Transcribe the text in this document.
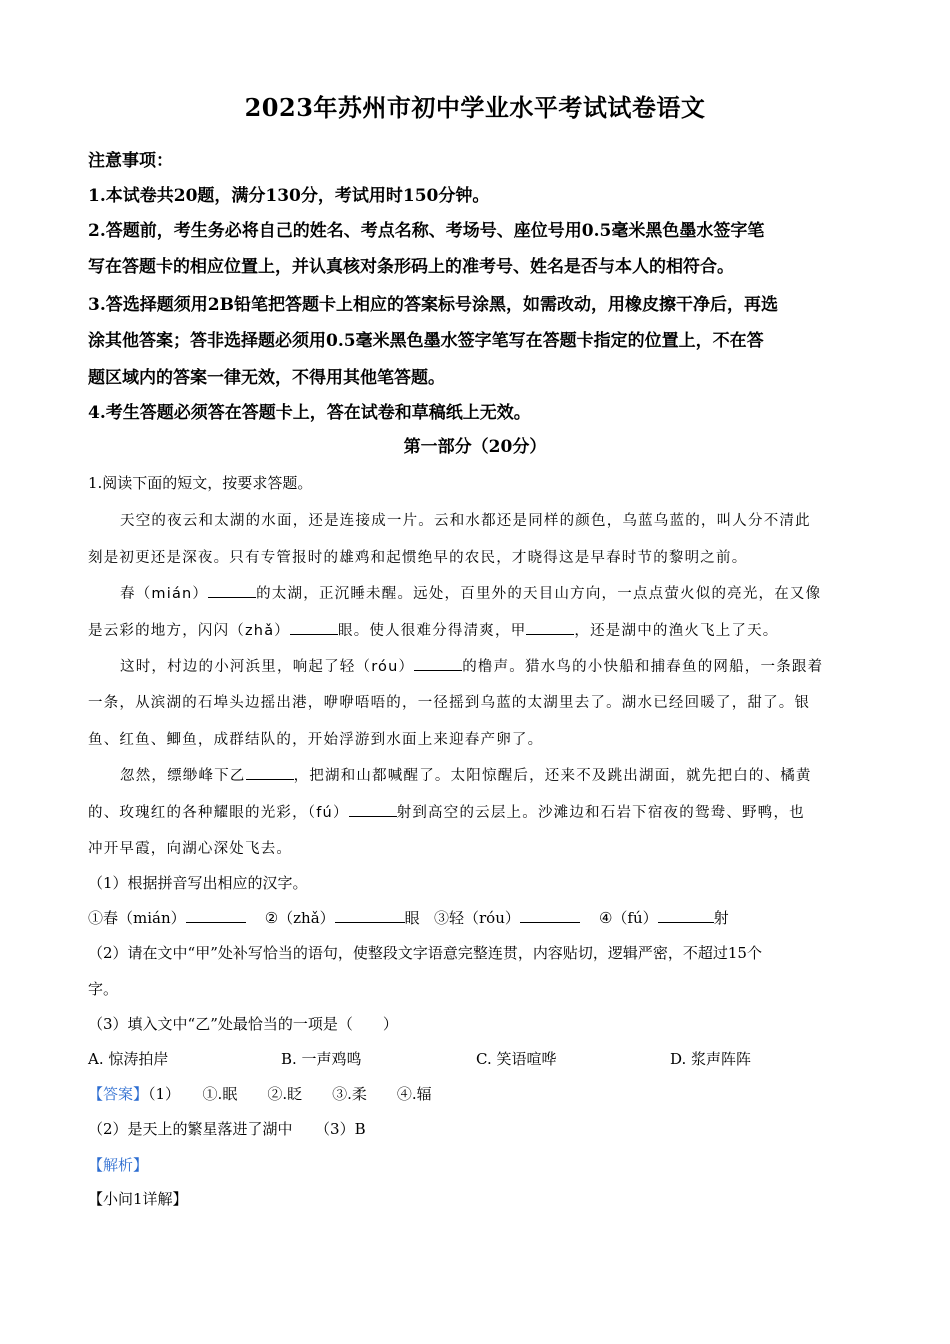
2023年苏州市初中学业水平考试试卷语文
注意事项：
1.本试卷共20题，满分130分，考试用时150分钟。
2.答题前，考生务必将自己的姓名、考点名称、考场号、座位号用0.5毫米黑色墨水签字笔
写在答题卡的相应位置上，并认真核对条形码上的准考号、姓名是否与本人的相符合。
3.答选择题须用2B铅笔把答题卡上相应的答案标号涂黑，如需改动，用橡皮擦干净后，再选
涂其他答案；答非选择题必须用0.5毫米黑色墨水签字笔写在答题卡指定的位置上，不在答
题区域内的答案一律无效，不得用其他笔答题。
4.考生答题必须答在答题卡上，答在试卷和草稿纸上无效。
第一部分（20分）
1.阅读下面的短文，按要求答题。
天空的夜云和太湖的水面，还是连接成一片。云和水都还是同样的颜色，乌蓝乌蓝的，叫人分不清此
刻是初更还是深夜。只有专管报时的雄鸡和起惯绝早的农民，才晓得这是早春时节的黎明之前。
春（mián）	的太湖，正沉睡未醒。远处，百里外的天目山方向，一点点萤火似的亮光，在又像
是云彩的地方，闪闪（zhǎ）	眼。使人很难分得清爽，甲	，还是湖中的渔火飞上了天。
这时，村边的小河浜里，响起了轻（róu）	的橹声。猎水鸟的小快船和捕春鱼的网船，一条跟着
一条，从滨湖的石埠头边摇出港，咿咿唔唔的，一径摇到乌蓝的太湖里去了。湖水已经回暖了，甜了。银
鱼、红鱼、鲫鱼，成群结队的，开始浮游到水面上来迎春产卵了。
忽然，缥缈峰下乙	，把湖和山都喊醒了。太阳惊醒后，还来不及跳出湖面，就先把白的、橘黄
的、玫瑰红的各种耀眼的光彩，（fú）	射到高空的云层上。沙滩边和石岩下宿夜的鸳鸯、野鸭，也
冲开早霞，向湖心深处飞去。
（1）根据拼音写出相应的汉字。
①春（mián）	②（zhǎ）	眼 ③轻（róu）	④（fú）	射
（2）请在文中“甲”处补写恰当的语句，使整段文字语意完整连贯，内容贴切，逻辑严密，不超过15个
字。
（3）填入文中“乙”处最恰当的一项是（　　）
A. 惊涛拍岸	B. 一声鸡鸣	C. 笑语喧哗	D. 浆声阵阵
【答案】（1）　　①.眠　　②.眨　　③.柔　　④.辐
（2）是天上的繁星落进了湖中　　（3）B
【解析】
【小问1详解】
